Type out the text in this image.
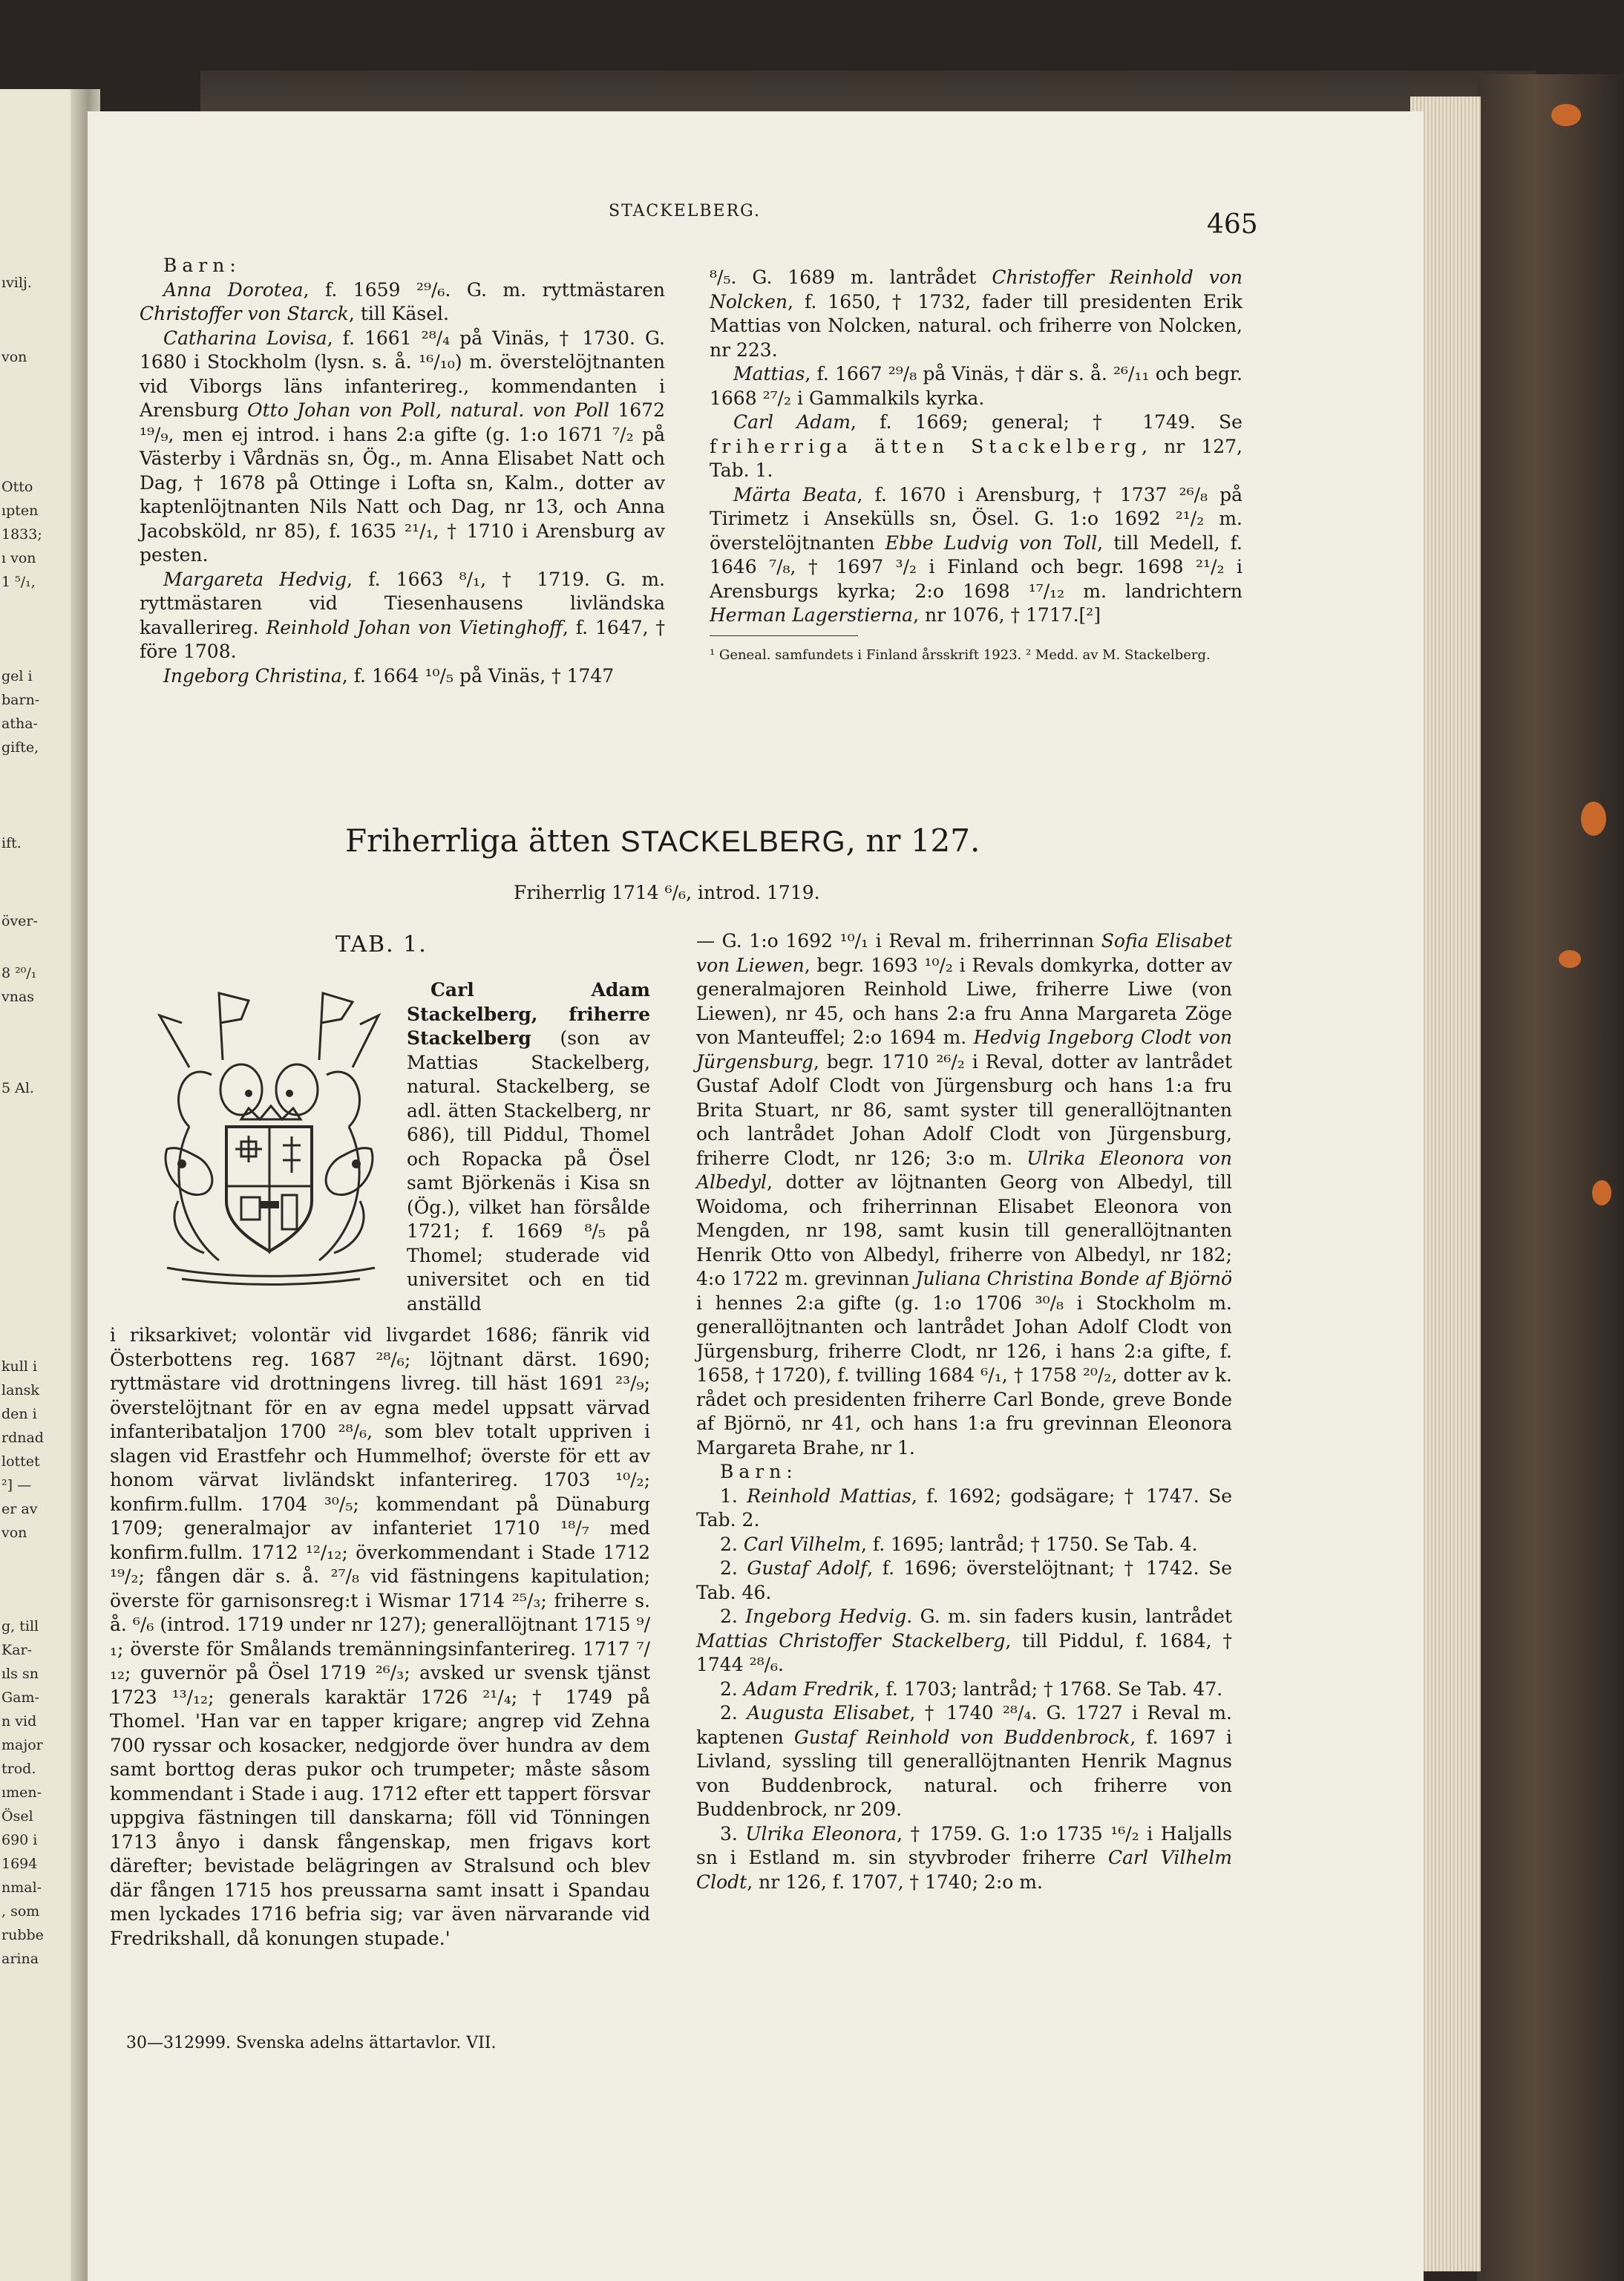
ıvilj.
von
Otto
ıpten
1833;
ı von
1 ⁵/₁,
gel i
barn-
atha-
gifte,
ift.
över-
8 ²⁰/₁
vnas
5 Al.
kull i
lansk
den i
rdnad
lottet
²] —
er av
von
g, till
Kar-
ıls sn
Gam-
n vid
major
trod.
ımen-
Ösel
690 i
1694
nmal-
, som
rubbe
arina
STACKELBERG.	465

Barn:

Anna Dorotea, f. 1659 ²⁹/₆. G. m. ryttmästaren Christoffer von Starck, till Käsel.

Catharina Lovisa, f. 1661 ²⁸/₄ på Vinäs, † 1730. G. 1680 i Stockholm (lysn. s. å. ¹⁶/₁₀) m. överstelöjtnanten vid Viborgs läns infanterireg., kommendanten i Arensburg Otto Johan von Poll, natural. von Poll 1672 ¹⁹/₉, men ej introd. i hans 2:a gifte (g. 1:o 1671 ⁷/₂ på Västerby i Vårdnäs sn, Ög., m. Anna Elisabet Natt och Dag, † 1678 på Ottinge i Lofta sn, Kalm., dotter av kaptenlöjtnanten Nils Natt och Dag, nr 13, och Anna Jacobsköld, nr 85), f. 1635 ²¹/₁, † 1710 i Arensburg av pesten.

Margareta Hedvig, f. 1663 ⁸/₁, † 1719. G. m. ryttmästaren vid Tiesenhausens livländska kavallerireg. Reinhold Johan von Vietinghoff, f. 1647, † före 1708.

Ingeborg Christina, f. 1664 ¹⁰/₅ på Vinäs, † 1747

⁸/₅. G. 1689 m. lantrådet Christoffer Reinhold von Nolcken, f. 1650, † 1732, fader till presidenten Erik Mattias von Nolcken, natural. och friherre von Nolcken, nr 223.

Mattias, f. 1667 ²⁹/₈ på Vinäs, † där s. å. ²⁶/₁₁ och begr. 1668 ²⁷/₂ i Gammalkils kyrka.

Carl Adam, f. 1669; general; † 1749. Se friherriga ätten Stackelberg, nr 127, Tab. 1.

Märta Beata, f. 1670 i Arensburg, † 1737 ²⁶/₈ på Tirimetz i Ansekülls sn, Ösel. G. 1:o 1692 ²¹/₂ m. överstelöjtnanten Ebbe Ludvig von Toll, till Medell, f. 1646 ⁷/₈, † 1697 ³/₂ i Finland och begr. 1698 ²¹/₂ i Arensburgs kyrka; 2:o 1698 ¹⁷/₁₂ m. landrichtern Herman Lagerstierna, nr 1076, † 1717.[²]

¹ Geneal. samfundets i Finland årsskrift 1923. ² Medd. av M. Stackelberg.

Friherrliga ätten STACKELBERG, nr 127.
Friherrlig 1714 ⁶/₆, introd. 1719.
TAB. 1.

Carl Adam Stackelberg, friherre Stackelberg (son av Mattias Stackelberg, natural. Stackelberg, se adl. ätten Stackelberg, nr 686), till Piddul, Thomel och Ropacka på Ösel samt Björkenäs i Kisa sn (Ög.), vilket han försålde 1721; f. 1669 ⁸/₅ på Thomel; studerade vid universitet och en tid anställd

i riksarkivet; volontär vid livgardet 1686; fänrik vid Österbottens reg. 1687 ²⁸/₆; löjtnant därst. 1690; ryttmästare vid drottningens livreg. till häst 1691 ²³/₉; överstelöjtnant för en av egna medel uppsatt värvad infanteribataljon 1700 ²⁸/₆, som blev totalt uppriven i slagen vid Erastfehr och Hummelhof; överste för ett av honom värvat livländskt infanterireg. 1703 ¹⁰/₂; konfirm.fullm. 1704 ³⁰/₅; kommendant på Dünaburg 1709; generalmajor av infanteriet 1710 ¹⁸/₇ med konfirm.fullm. 1712 ¹²/₁₂; överkommendant i Stade 1712 ¹⁹/₂; fången där s. å. ²⁷/₈ vid fästningens kapitulation; överste för garnisonsreg:t i Wismar 1714 ²⁵/₃; friherre s. å. ⁶/₆ (introd. 1719 under nr 127); generallöjtnant 1715 ⁹/₁; överste för Smålands tremänningsinfanterireg. 1717 ⁷/₁₂; guvernör på Ösel 1719 ²⁶/₃; avsked ur svensk tjänst 1723 ¹³/₁₂; generals karaktär 1726 ²¹/₄; † 1749 på Thomel. 'Han var en tapper krigare; angrep vid Zehna 700 ryssar och kosacker, nedgjorde över hundra av dem samt borttog deras pukor och trumpeter; måste såsom kommendant i Stade i aug. 1712 efter ett tappert försvar uppgiva fästningen till danskarna; föll vid Tönningen 1713 ånyo i dansk fångenskap, men frigavs kort därefter; bevistade belägringen av Stralsund och blev där fången 1715 hos preussarna samt insatt i Spandau men lyckades 1716 befria sig; var även närvarande vid Fredrikshall, då konungen stupade.'

— G. 1:o 1692 ¹⁰/₁ i Reval m. friherrinnan Sofia Elisabet von Liewen, begr. 1693 ¹⁰/₂ i Revals domkyrka, dotter av generalmajoren Reinhold Liwe, friherre Liwe (von Liewen), nr 45, och hans 2:a fru Anna Margareta Zöge von Manteuffel; 2:o 1694 m. Hedvig Ingeborg Clodt von Jürgensburg, begr. 1710 ²⁶/₂ i Reval, dotter av lantrådet Gustaf Adolf Clodt von Jürgensburg och hans 1:a fru Brita Stuart, nr 86, samt syster till generallöjtnanten och lantrådet Johan Adolf Clodt von Jürgensburg, friherre Clodt, nr 126; 3:o m. Ulrika Eleonora von Albedyl, dotter av löjtnanten Georg von Albedyl, till Woidoma, och friherrinnan Elisabet Eleonora von Mengden, nr 198, samt kusin till generallöjtnanten Henrik Otto von Albedyl, friherre von Albedyl, nr 182; 4:o 1722 m. grevinnan Juliana Christina Bonde af Björnö i hennes 2:a gifte (g. 1:o 1706 ³⁰/₈ i Stockholm m. generallöjtnanten och lantrådet Johan Adolf Clodt von Jürgensburg, friherre Clodt, nr 126, i hans 2:a gifte, f. 1658, † 1720), f. tvilling 1684 ⁶/₁, † 1758 ²⁰/₂, dotter av k. rådet och presidenten friherre Carl Bonde, greve Bonde af Björnö, nr 41, och hans 1:a fru grevinnan Eleonora Margareta Brahe, nr 1.

Barn:

1. Reinhold Mattias, f. 1692; godsägare; † 1747. Se Tab. 2.

2. Carl Vilhelm, f. 1695; lantråd; † 1750. Se Tab. 4.

2. Gustaf Adolf, f. 1696; överstelöjtnant; † 1742. Se Tab. 46.

2. Ingeborg Hedvig. G. m. sin faders kusin, lantrådet Mattias Christoffer Stackelberg, till Piddul, f. 1684, † 1744 ²⁸/₆.

2. Adam Fredrik, f. 1703; lantråd; † 1768. Se Tab. 47.

2. Augusta Elisabet, † 1740 ²⁸/₄. G. 1727 i Reval m. kaptenen Gustaf Reinhold von Buddenbrock, f. 1697 i Livland, syssling till generallöjtnanten Henrik Magnus von Buddenbrock, natural. och friherre von Buddenbrock, nr 209.

3. Ulrika Eleonora, † 1759. G. 1:o 1735 ¹⁶/₂ i Haljalls sn i Estland m. sin styvbroder friherre Carl Vilhelm Clodt, nr 126, f. 1707, † 1740; 2:o m.

30—312999. Svenska adelns ättartavlor. VII.
